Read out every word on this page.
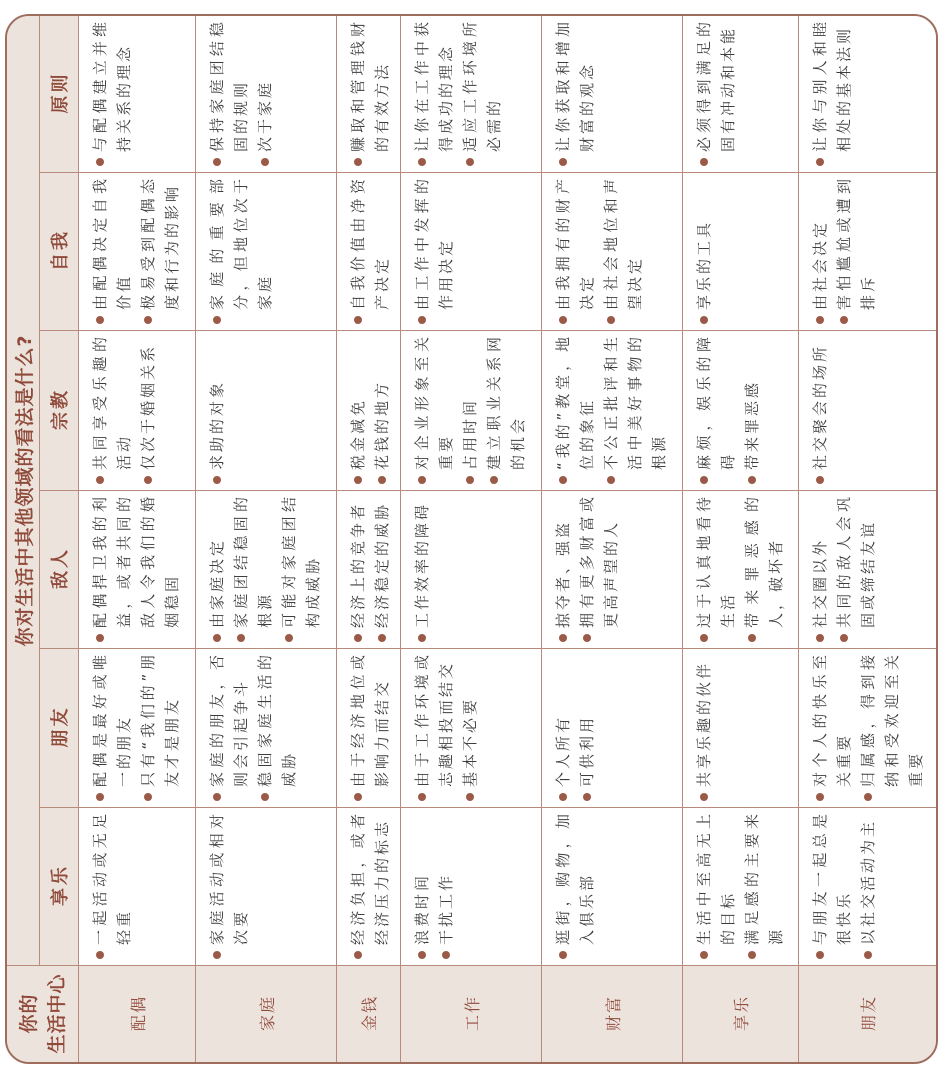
你的 生活中心
你对生活中其他领域的看法是什么?
享乐
朋友
敌人
宗教
自我
原则
配偶
一起活动或无足轻重
配偶是最好或唯一的朋友 只有“我们的”朋友才是朋友
配偶捍卫我的利益，或者共同的敌人令我们的婚姻稳固
共同享受乐趣的活动 仅次于婚姻关系
由配偶决定自我价值 极易受到配偶态度和行为的影响
与配偶建立并维持关系的理念
家庭
家庭活动或相对次要
家庭的朋友，否则会引起争斗 稳固家庭生活的威胁
由家庭决定 家庭团结稳固的根源 可能对家庭团结构成威胁
求助的对象
家庭的重要部分，但地位次于家庭
保持家庭团结稳固的规则 次于家庭
金钱
经济负担，或者经济压力的标志
由于经济地位或影响力而结交
经济上的竞争者 经济稳定的威胁
税金减免 花钱的地方
自我价值由净资产决定
赚取和管理钱财的有效方法
工作
浪费时间 干扰工作
由于工作环境或志趣相投而结交 基本不必要
工作效率的障碍
对企业形象至关重要 占用时间 建立职业关系网的机会
由工作中发挥的作用决定
让你在工作中获得成功的理念 适应工作环境所必需的
财富
逛街，购物，加入俱乐部
个人所有 可供利用
掠夺者、强盗 拥有更多财富或更高声望的人
“我的”教堂，地位的象征 不公正批评和生活中美好事物的根源
由我拥有的财产决定 由社会地位和声望决定
让你获取和增加财富的观念
享乐
生活中至高无上的目标 满足感的主要来源
共享乐趣的伙伴
过于认真地看待生活 带来罪恶感的人，破坏者
麻烦，娱乐的障碍 带来罪恶感
享乐的工具
必须得到满足的固有冲动和本能
朋友
与朋友一起总是很快乐 以社交活动为主
对个人的快乐至关重要 归属感，得到接纳和受欢迎至关重要
社交圈以外 共同的敌人会巩固或缔结友谊
社交聚会的场所
由社会决定 害怕尴尬或遭到排斥
让你与别人和睦相处的基本法则
